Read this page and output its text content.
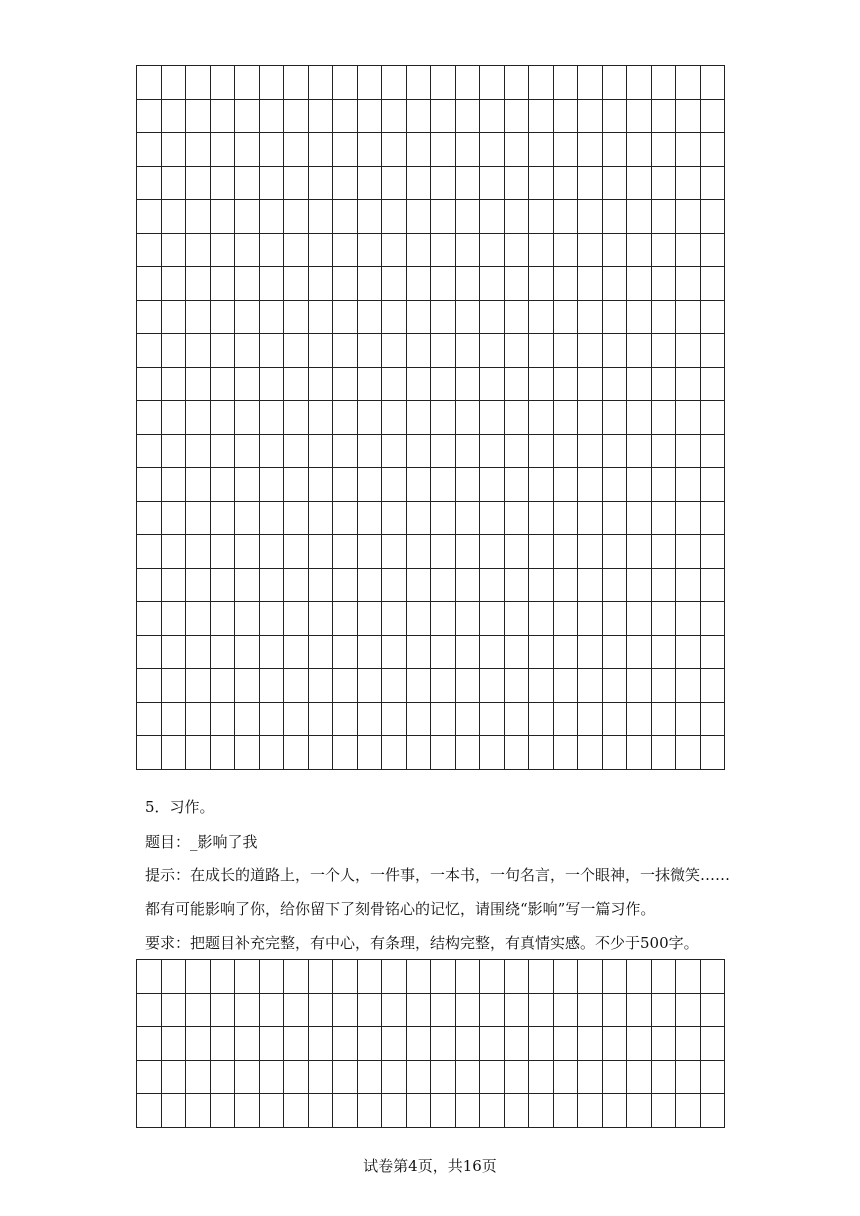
5．习作。

题目：_影响了我

提示：在成长的道路上，一个人，一件事，一本书，一句名言，一个眼神，一抹微笑……

都有可能影响了你，给你留下了刻骨铭心的记忆，请围绕“影响”写一篇习作。

要求：把题目补充完整，有中心，有条理，结构完整，有真情实感。不少于500字。

试卷第4页，共16页
